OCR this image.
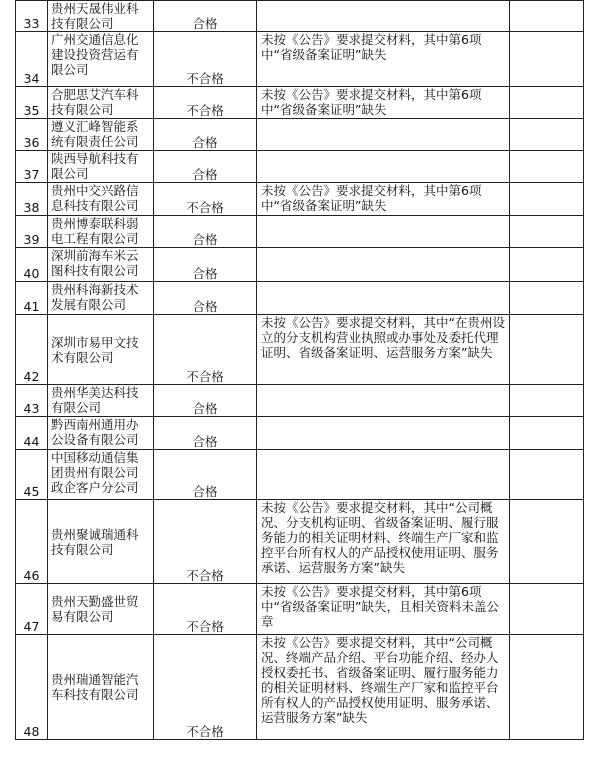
33	贵州天晟伟业科技有限公司	合格		
34	广州交通信息化建设投资营运有限公司	不合格	未按《公告》要求提交材料，其中第6项中“省级备案证明”缺失	
35	合肥思艾汽车科技有限公司	不合格	未按《公告》要求提交材料，其中第6项中“省级备案证明”缺失	
36	遵义汇峰智能系统有限责任公司	合格		
37	陕西导航科技有限公司	合格		
38	贵州中交兴路信息科技有限公司	不合格	未按《公告》要求提交材料，其中第6项中“省级备案证明”缺失	
39	贵州博泰联科弱电工程有限公司	合格		
40	深圳前海车米云图科技有限公司	合格		
41	贵州科海新技术发展有限公司	合格		
42	深圳市易甲文技术有限公司	不合格	未按《公告》要求提交材料，其中“在贵州设立的分支机构营业执照或办事处及委托代理证明、省级备案证明、运营服务方案”缺失	
43	贵州华美达科技有限公司	合格		
44	黔西南州通用办公设备有限公司	合格		
45	中国移动通信集团贵州有限公司政企客户分公司	合格		
46	贵州聚诚瑞通科技有限公司	不合格	未按《公告》要求提交材料，其中“公司概况、分支机构证明、省级备案证明、履行服务能力的相关证明材料、终端生产厂家和监控平台所有权人的产品授权使用证明、服务承诺、运营服务方案”缺失	
47	贵州天勤盛世贸易有限公司	不合格	未按《公告》要求提交材料，其中第6项中“省级备案证明”缺失，且相关资料未盖公章	
48	贵州瑞通智能汽车科技有限公司	不合格	未按《公告》要求提交材料，其中“公司概况、终端产品介绍、平台功能介绍、经办人授权委托书、省级备案证明、履行服务能力的相关证明材料、终端生产厂家和监控平台所有权人的产品授权使用证明、服务承诺、运营服务方案”缺失	
